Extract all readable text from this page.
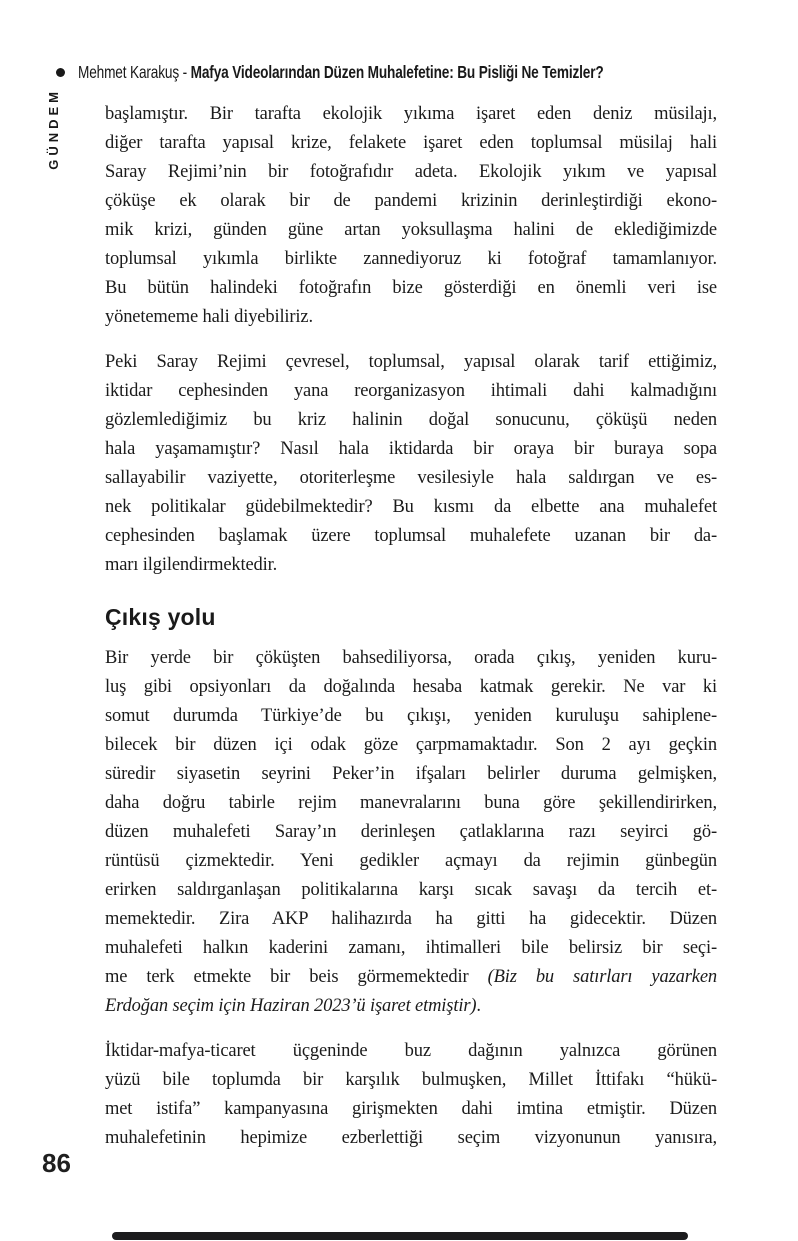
Mehmet Karakuş - Mafya Videolarından Düzen Muhalefetine: Bu Pisliği Ne Temizler?
GÜNDEM başlamıştır. Bir tarafta ekolojik yıkıma işaret eden deniz müsilajı,
diğer tarafta yapısal krize, felakete işaret eden toplumsal müsilaj hali
Saray Rejimi’nin bir fotoğrafıdır adeta. Ekolojik yıkım ve yapısal
çöküşe ek olarak bir de pandemi krizinin derinleştirdiği ekono-
mik krizi, günden güne artan yoksullaşma halini de eklediğimizde
toplumsal yıkımla birlikte zannediyoruz ki fotoğraf tamamlanıyor.
Bu bütün halindeki fotoğrafın bize gösterdiği en önemli veri ise
yönetememe hali diyebiliriz.
Peki Saray Rejimi çevresel, toplumsal, yapısal olarak tarif ettiğimiz,
iktidar cephesinden yana reorganizasyon ihtimali dahi kalmadığını
gözlemlediğimiz bu kriz halinin doğal sonucunu, çöküşü neden
hala yaşamamıştır? Nasıl hala iktidarda bir oraya bir buraya sopa
sallayabilir vaziyette, otoriterleşme vesilesiyle hala saldırgan ve es-
nek politikalar güdebilmektedir? Bu kısmı da elbette ana muhalefet
cephesinden başlamak üzere toplumsal muhalefete uzanan bir da-
marı ilgilendirmektedir.
Çıkış yolu
Bir yerde bir çöküşten bahsediliyorsa, orada çıkış, yeniden kuru-
luş gibi opsiyonları da doğalında hesaba katmak gerekir. Ne var ki
somut durumda Türkiye’de bu çıkışı, yeniden kuruluşu sahiplene-
bilecek bir düzen içi odak göze çarpmamaktadır. Son 2 ayı geçkin
süredir siyasetin seyrini Peker’in ifşaları belirler duruma gelmişken,
daha doğru tabirle rejim manevralarını buna göre şekillendirirken,
düzen muhalefeti Saray’ın derinleşen çatlaklarına razı seyirci gö-
rüntüsü çizmektedir. Yeni gedikler açmayı da rejimin günbegün
erirken saldırganlaşan politikalarına karşı sıcak savaşı da tercih et-
memektedir. Zira AKP halihazırda ha gitti ha gidecektir. Düzen
muhalefeti halkın kaderini zamanı, ihtimalleri bile belirsiz bir seçi-
me terk etmekte bir beis görmemektedir (Biz bu satırları yazarken
Erdoğan seçim için Haziran 2023’ü işaret etmiştir).
İktidar-mafya-ticaret üçgeninde buz dağının yalnızca görünen
yüzü bile toplumda bir karşılık bulmuşken, Millet İttifakı “hükü-
met istifa” kampanyasına girişmekten dahi imtina etmiştir. Düzen
muhalefetinin hepimize ezberlettiği seçim vizyonunun yanısıra,
86
